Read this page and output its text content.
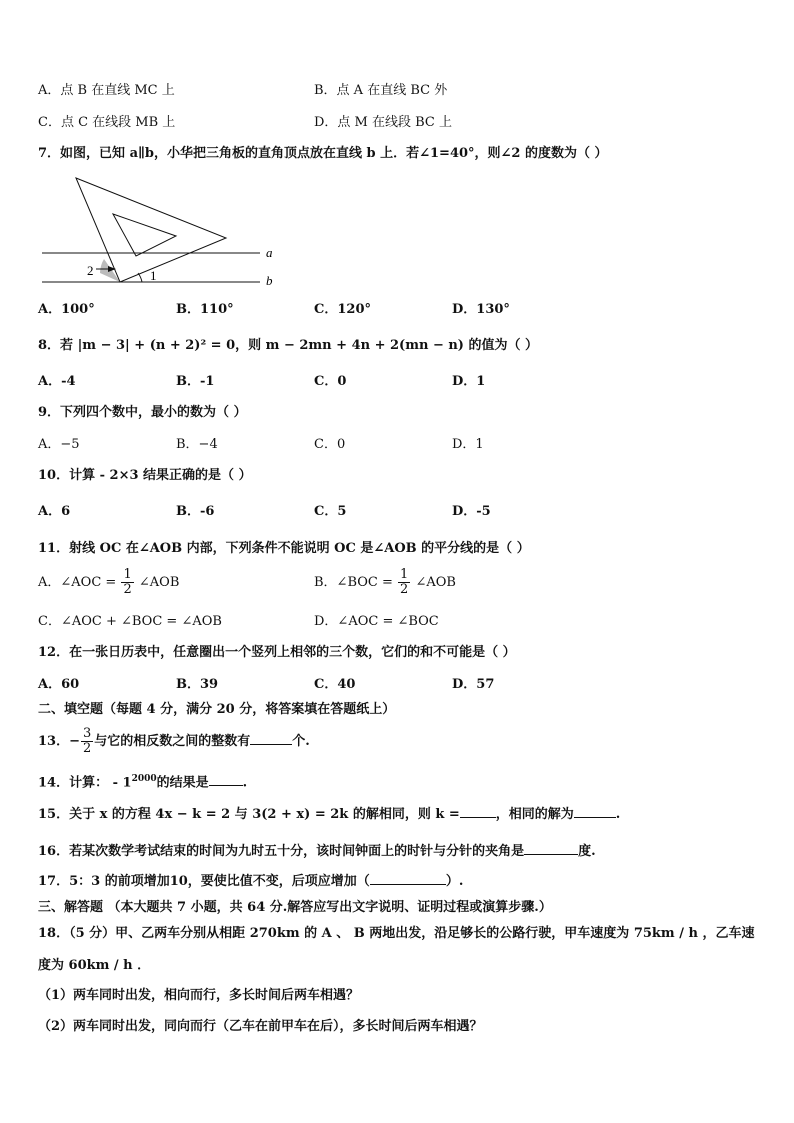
A．点 B 在直线 MC 上	B．点 A 在直线 BC 外
C．点 C 在线段 MB 上	D．点 M 在线段 BC 上
7．如图，已知 a∥b，小华把三角板的直角顶点放在直线 b 上．若∠1=40°，则∠2 的度数为（ ）
a
b
1
2
A．100°	B．110°	C．120°	D．130°
8．若 |m − 3| + (n + 2)² = 0，则 m − 2mn + 4n + 2(mn − n) 的值为（ ）
A．-4	B．-1	C．0	D．1
9．下列四个数中，最小的数为（ ）
A．−5	B．−4	C．0	D．1
10．计算 - 2×3 结果正确的是（ ）
A．6	B．-6	C．5	D．-5
11．射线 OC 在∠AOB 内部，下列条件不能说明 OC 是∠AOB 的平分线的是（ ）
A．∠AOC = $\frac{1}{2}$ ∠AOB	B．∠BOC = $\frac{1}{2}$ ∠AOB
C．∠AOC + ∠BOC = ∠AOB	D．∠AOC = ∠BOC
12．在一张日历表中，任意圈出一个竖列上相邻的三个数，它们的和不可能是（ ）
A．60	B．39	C．40	D．57
二、填空题（每题 4 分，满分 20 分，将答案填在答题纸上）
13．− $\frac{3}{2}$ 与它的相反数之间的整数有	个.
14．计算： - $1^{2000}$的结果是	.
15．关于 x 的方程 4x − k = 2 与 3(2 + x) = 2k 的解相同，则 k =	，相同的解为	.
16．若某次数学考试结束的时间为九时五十分，该时间钟面上的时针与分针的夹角是	度.
17．5：3 的前项增加10，要使比值不变，后项应增加（	）.
三、解答题 （本大题共 7 小题，共 64 分.解答应写出文字说明、证明过程或演算步骤.）
18．（5 分）甲、乙两车分别从相距 270km 的 A 、 B 两地出发，沿足够长的公路行驶，甲车速度为 75km / h ，乙车速
度为 60km / h ．
（1）两车同时出发，相向而行，多长时间后两车相遇？
（2）两车同时出发，同向而行（乙车在前甲车在后），多长时间后两车相遇？
